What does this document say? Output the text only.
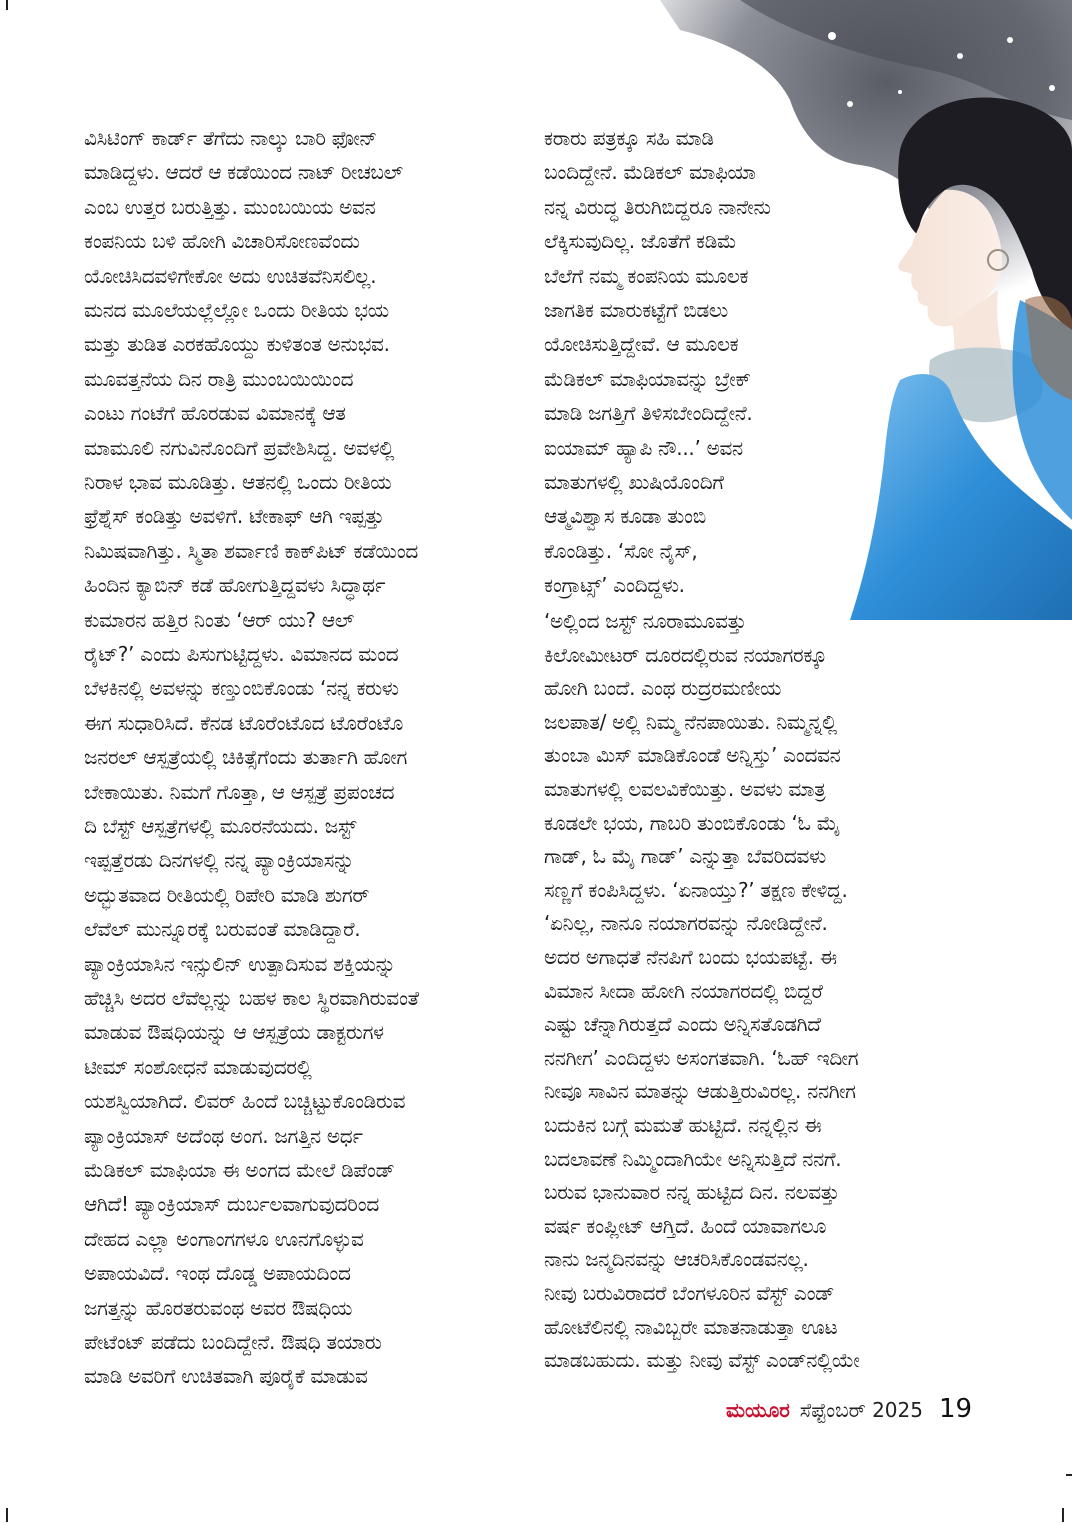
ವಿಸಿಟಿಂಗ್ ಕಾರ್ಡ್ ತೆಗೆದು ನಾಲ್ಕು ಬಾರಿ ಫೋನ್
ಮಾಡಿದ್ದಳು. ಆದರೆ ಆ ಕಡೆಯಿಂದ ನಾಟ್ ರೀಚಬಲ್
ಎಂಬ ಉತ್ತರ ಬರುತ್ತಿತ್ತು. ಮುಂಬಯಿಯ ಅವನ
ಕಂಪನಿಯ ಬಳಿ ಹೋಗಿ ವಿಚಾರಿಸೋಣವೆಂದು
ಯೋಚಿಸಿದವಳಿಗೇಕೋ ಅದು ಉಚಿತವೆನಿಸಲಿಲ್ಲ.
ಮನದ ಮೂಲೆಯಲ್ಲೆಲ್ಲೋ ಒಂದು ರೀತಿಯ ಭಯ
ಮತ್ತು ತುಡಿತ ಎರಕಹೊಯ್ದು ಕುಳಿತಂತ ಅನುಭವ.
ಮೂವತ್ತನೆಯ ದಿನ ರಾತ್ರಿ ಮುಂಬಯಿಯಿಂದ
ಎಂಟು ಗಂಟೆಗೆ ಹೊರಡುವ ವಿಮಾನಕ್ಕೆ ಆತ
ಮಾಮೂಲಿ ನಗುವಿನೊಂದಿಗೆ ಪ್ರವೇಶಿಸಿದ್ದ. ಅವಳಲ್ಲಿ
ನಿರಾಳ ಭಾವ ಮೂಡಿತ್ತು. ಆತನಲ್ಲಿ ಒಂದು ರೀತಿಯ
ಫ್ರೆಶ್ನೆಸ್ ಕಂಡಿತ್ತು ಅವಳಿಗೆ. ಟೇಕಾಫ್ ಆಗಿ ಇಪ್ಪತ್ತು
ನಿಮಿಷವಾಗಿತ್ತು. ಸ್ಮಿತಾ ಶರ್ವಾಣಿ ಕಾಕ್‌ಪಿಟ್ ಕಡೆಯಿಂದ
ಹಿಂದಿನ ಕ್ಯಾಬಿನ್ ಕಡೆ ಹೋಗುತ್ತಿದ್ದವಳು ಸಿದ್ಧಾರ್ಥ
ಕುಮಾರನ ಹತ್ತಿರ ನಿಂತು ‘ಆರ್ ಯು? ಆಲ್
ರೈಟ್?’ ಎಂದು ಪಿಸುಗುಟ್ಟಿದ್ದಳು. ವಿಮಾನದ ಮಂದ
ಬೆಳಕಿನಲ್ಲಿ ಅವಳನ್ನು ಕಣ್ತುಂಬಿಕೊಂಡು ‘ನನ್ನ ಕರುಳು
ಈಗ ಸುಧಾರಿಸಿದೆ. ಕೆನಡ ಟೊರೆಂಟೊದ ಟೊರೆಂಟೊ
ಜನರಲ್ ಆಸ್ಪತ್ರೆಯಲ್ಲಿ ಚಿಕಿತ್ಸೆಗೆಂದು ತುರ್ತಾಗಿ ಹೋಗ
ಬೇಕಾಯಿತು. ನಿಮಗೆ ಗೊತ್ತಾ, ಆ ಆಸ್ಪತ್ರೆ ಪ್ರಪಂಚದ
ದಿ ಬೆಸ್ಟ್ ಆಸ್ಪತ್ರೆಗಳಲ್ಲಿ ಮೂರನೆಯದು. ಜಸ್ಟ್
ಇಪ್ಪತ್ತೆರಡು ದಿನಗಳಲ್ಲಿ ನನ್ನ ಪ್ಯಾಂಕ್ರಿಯಾಸನ್ನು
ಅದ್ಭುತವಾದ ರೀತಿಯಲ್ಲಿ ರಿಪೇರಿ ಮಾಡಿ ಶುಗರ್
ಲೆವೆಲ್ ಮುನ್ನೂರಕ್ಕೆ ಬರುವಂತೆ ಮಾಡಿದ್ದಾರೆ.
ಪ್ಯಾಂಕ್ರಿಯಾಸಿನ ಇನ್ಸುಲಿನ್ ಉತ್ಪಾದಿಸುವ ಶಕ್ತಿಯನ್ನು
ಹೆಚ್ಚಿಸಿ ಅದರ ಲೆವೆಲ್ಲನ್ನು ಬಹಳ ಕಾಲ ಸ್ಥಿರವಾಗಿರುವಂತೆ
ಮಾಡುವ ಔಷಧಿಯನ್ನು ಆ ಆಸ್ಪತ್ರೆಯ ಡಾಕ್ಟರುಗಳ
ಟೀಮ್ ಸಂಶೋಧನೆ ಮಾಡುವುದರಲ್ಲಿ
ಯಶಸ್ವಿಯಾಗಿದೆ. ಲಿವರ್ ಹಿಂದೆ ಬಚ್ಚಿಟ್ಟುಕೊಂಡಿರುವ
ಪ್ಯಾಂಕ್ರಿಯಾಸ್ ಅದೆಂಥ ಅಂಗ. ಜಗತ್ತಿನ ಅರ್ಧ
ಮೆಡಿಕಲ್ ಮಾಫಿಯಾ ಈ ಅಂಗದ ಮೇಲೆ ಡಿಪೆಂಡ್
ಆಗಿದೆ! ಪ್ಯಾಂಕ್ರಿಯಾಸ್ ದುರ್ಬಲವಾಗುವುದರಿಂದ
ದೇಹದ ಎಲ್ಲಾ ಅಂಗಾಂಗಗಳೂ ಊನಗೊಳ್ಳುವ
ಅಪಾಯವಿದೆ. ಇಂಥ ದೊಡ್ಡ ಅಪಾಯದಿಂದ
ಜಗತ್ತನ್ನು ಹೊರತರುವಂಥ ಅವರ ಔಷಧಿಯ
ಪೇಟೆಂಟ್ ಪಡೆದು ಬಂದಿದ್ದೇನೆ. ಔಷಧಿ ತಯಾರು
ಮಾಡಿ ಅವರಿಗೆ ಉಚಿತವಾಗಿ ಪೂರೈಕೆ ಮಾಡುವ
ಕರಾರು ಪತ್ರಕ್ಕೂ ಸಹಿ ಮಾಡಿ
ಬಂದಿದ್ದೇನೆ. ಮೆಡಿಕಲ್ ಮಾಫಿಯಾ
ನನ್ನ ವಿರುದ್ಧ ತಿರುಗಿಬಿದ್ದರೂ ನಾನೇನು
ಲೆಕ್ಕಿಸುವುದಿಲ್ಲ. ಜೊತೆಗೆ ಕಡಿಮೆ
ಬೆಲೆಗೆ ನಮ್ಮ ಕಂಪನಿಯ ಮೂಲಕ
ಜಾಗತಿಕ ಮಾರುಕಟ್ಟೆಗೆ ಬಿಡಲು
ಯೋಚಿಸುತ್ತಿದ್ದೇವೆ. ಆ ಮೂಲಕ
ಮೆಡಿಕಲ್ ಮಾಫಿಯಾವನ್ನು ಬ್ರೇಕ್
ಮಾಡಿ ಜಗತ್ತಿಗೆ ತಿಳಿಸಬೇಂದಿದ್ದೇನೆ.
ಐಯಾಮ್ ಹ್ಯಾಪಿ ನೌ...’ ಅವನ
ಮಾತುಗಳಲ್ಲಿ ಖುಷಿಯೊಂದಿಗೆ
ಆತ್ಮವಿಶ್ವಾಸ ಕೂಡಾ ತುಂಬಿ
ಕೊಂಡಿತ್ತು. ‘ಸೋ ನೈಸ್,
ಕಂಗ್ರಾಟ್ಸ್’ ಎಂದಿದ್ದಳು.
‘ಅಲ್ಲಿಂದ ಜಸ್ಟ್ ನೂರಾಮೂವತ್ತು
ಕಿಲೋಮೀಟರ್ ದೂರದಲ್ಲಿರುವ ನಯಾಗರಕ್ಕೂ
ಹೋಗಿ ಬಂದೆ. ಎಂಥ ರುದ್ರರಮಣೀಯ
ಜಲಪಾತ/ ಅಲ್ಲಿ ನಿಮ್ಮ ನೆನಪಾಯಿತು. ನಿಮ್ಮನ್ನಲ್ಲಿ
ತುಂಬಾ ಮಿಸ್ ಮಾಡಿಕೊಂಡೆ ಅನ್ನಿಸ್ತು’ ಎಂದವನ
ಮಾತುಗಳಲ್ಲಿ ಲವಲವಿಕೆಯಿತ್ತು. ಅವಳು ಮಾತ್ರ
ಕೂಡಲೇ ಭಯ, ಗಾಬರಿ ತುಂಬಿಕೊಂಡು ‘ಓ ಮೈ
ಗಾಡ್, ಓ ಮೈ ಗಾಡ್’ ಎನ್ನುತ್ತಾ ಬೆವರಿದವಳು
ಸಣ್ಣಗೆ ಕಂಪಿಸಿದ್ದಳು. ‘ಏನಾಯ್ತು?’ ತಕ್ಷಣ ಕೇಳಿದ್ದ.
‘ಏನಿಲ್ಲ, ನಾನೂ ನಯಾಗರವನ್ನು ನೋಡಿದ್ದೇನೆ.
ಅದರ ಅಗಾಧತೆ ನೆನಪಿಗೆ ಬಂದು ಭಯಪಟ್ಟೆ. ಈ
ವಿಮಾನ ಸೀದಾ ಹೋಗಿ ನಯಾಗರದಲ್ಲಿ ಬಿದ್ದರೆ
ಎಷ್ಟು ಚೆನ್ನಾಗಿರುತ್ತದೆ ಎಂದು ಅನ್ನಿಸತೊಡಗಿದೆ
ನನಗೀಗ’ ಎಂದಿದ್ದಳು ಅಸಂಗತವಾಗಿ. ‘ಓಹ್ ಇದೀಗ
ನೀವೂ ಸಾವಿನ ಮಾತನ್ನು ಆಡುತ್ತಿರುವಿರಲ್ಲ. ನನಗೀಗ
ಬದುಕಿನ ಬಗ್ಗೆ ಮಮತೆ ಹುಟ್ಟಿದೆ. ನನ್ನಲ್ಲಿನ ಈ
ಬದಲಾವಣೆ ನಿಮ್ಮಿಂದಾಗಿಯೇ ಅನ್ನಿಸುತ್ತಿದೆ ನನಗೆ.
ಬರುವ ಭಾನುವಾರ ನನ್ನ ಹುಟ್ಟಿದ ದಿನ. ನಲವತ್ತು
ವರ್ಷ ಕಂಪ್ಲೀಟ್ ಆಗ್ತಿದೆ. ಹಿಂದೆ ಯಾವಾಗಲೂ
ನಾನು ಜನ್ಮದಿನವನ್ನು ಆಚರಿಸಿಕೊಂಡವನಲ್ಲ.
ನೀವು ಬರುವಿರಾದರೆ ಬೆಂಗಳೂರಿನ ವೆಸ್ಟ್ ಎಂಡ್
ಹೋಟೆಲಿನಲ್ಲಿ ನಾವಿಬ್ಬರೇ ಮಾತನಾಡುತ್ತಾ ಊಟ
ಮಾಡಬಹುದು. ಮತ್ತು ನೀವು ವೆಸ್ಟ್ ಎಂಡ್‌ನಲ್ಲಿಯೇ
ಮಯೂರ ಸೆಪ್ಟೆಂಬರ್ 2025 19
